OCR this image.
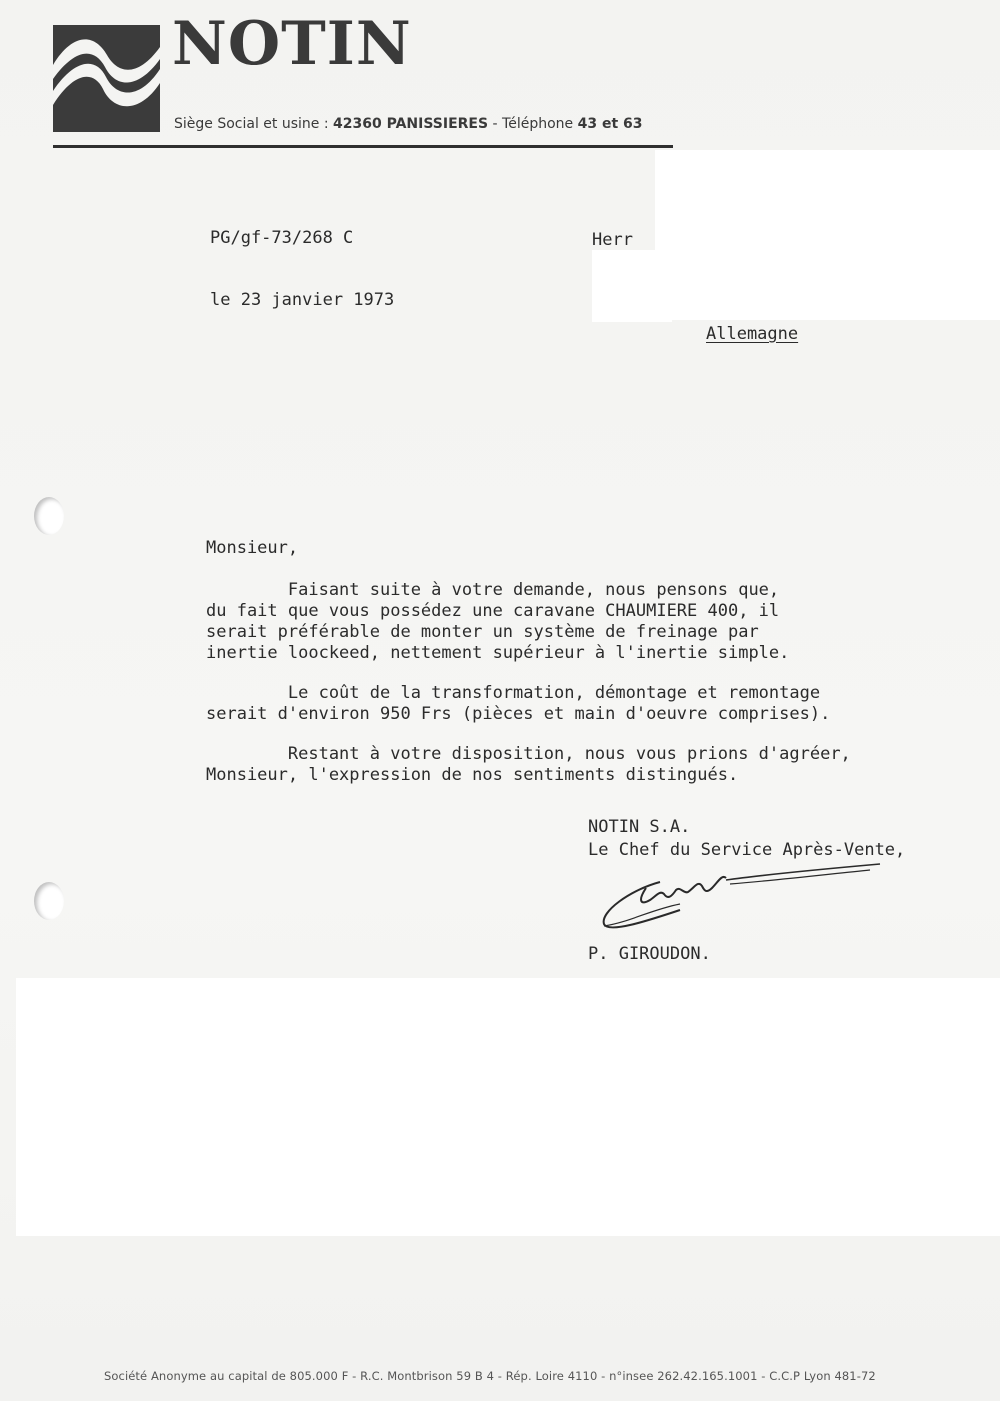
NOTIN
Siège Social et usine : 42360 PANISSIERES - Téléphone 43 et 63
PG/gf-73/268 C
le 23 janvier 1973
Herr
Allemagne
Monsieur,
Faisant suite à votre demande, nous pensons que,
du fait que vous possédez une caravane CHAUMIERE 400, il
serait préférable de monter un système de freinage par
inertie loockeed, nettement supérieur à l'inertie simple.
Le coût de la transformation, démontage et remontage
serait d'environ 950 Frs (pièces et main d'oeuvre comprises).
Restant à votre disposition, nous vous prions d'agréer,
Monsieur, l'expression de nos sentiments distingués.
NOTIN S.A.
Le Chef du Service Après-Vente,
P. GIROUDON.
Société Anonyme au capital de 805.000 F - R.C. Montbrison 59 B 4 - Rép. Loire 4110 - n°insee 262.42.165.1001 - C.C.P Lyon 481-72
